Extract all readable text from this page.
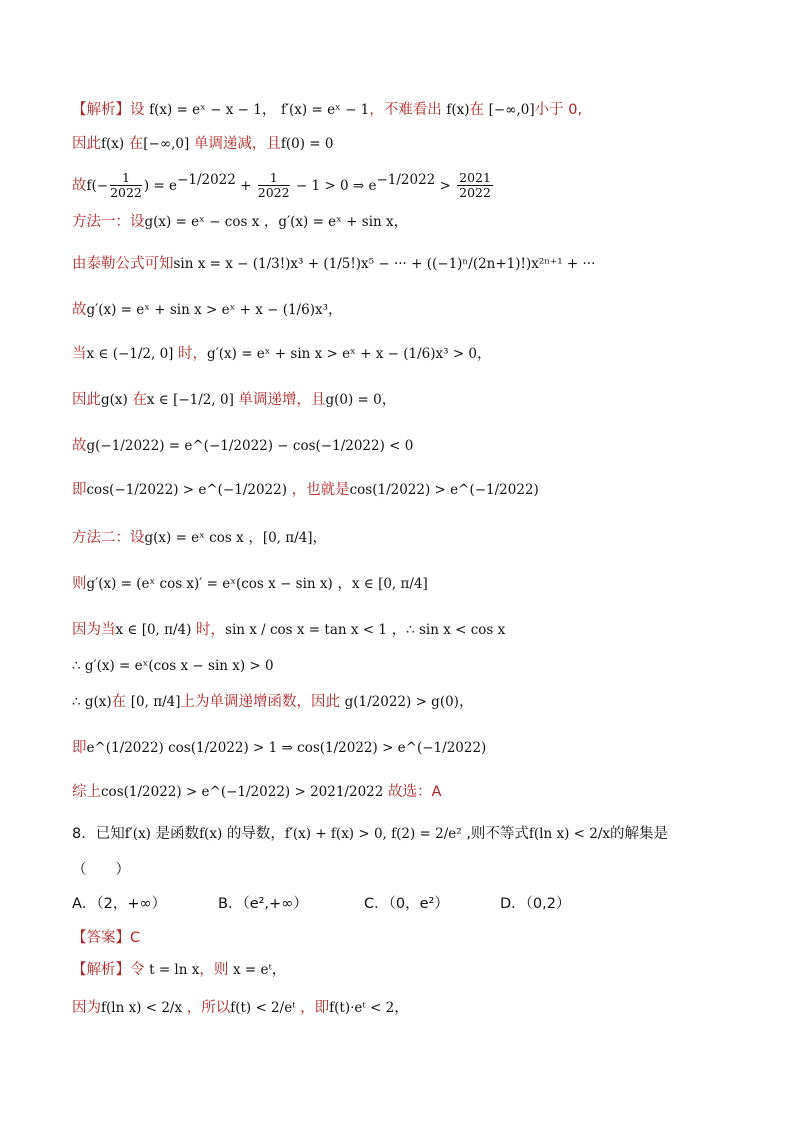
【解析】设 f(x) = eˣ − x − 1， f′(x) = eˣ − 1，不难看出 f(x)在 [−∞,0]小于 0,
因此f(x) 在[−∞,0] 单调递减，且f(0) = 0
故$f(- \frac{1}{2022}$ ) = $e^{-1/2022} + \frac{1}{2022} - 1 > 0$ ⇒ $e^{-1/2022} > \frac{2021}{2022}$
方法一：设g(x) = eˣ − cos x ，g′(x) = eˣ + sin x，
由泰勒公式可知sin x = x − (1/3!)x³ + (1/5!)x⁵ − ··· + ((−1)ⁿ/(2n+1)!)x²ⁿ⁺¹ + ···
故g′(x) = eˣ + sin x > eˣ + x − (1/6)x³，
当x ∈ (−1/2, 0] 时，g′(x) = eˣ + sin x > eˣ + x − (1/6)x³ > 0，
因此g(x) 在x ∈ [−1/2, 0] 单调递增，且g(0) = 0，
故g(−1/2022) = e^(−1/2022) − cos(−1/2022) < 0
即cos(−1/2022) > e^(−1/2022) ，也就是cos(1/2022) > e^(−1/2022)
方法二：设g(x) = eˣ cos x ，[0, π/4]，
则g′(x) = (eˣ cos x)′ = eˣ(cos x − sin x) ，x ∈ [0, π/4]
因为当x ∈ [0, π/4) 时，sin x / cos x = tan x < 1 ，∴ sin x < cos x
∴ g′(x) = eˣ(cos x − sin x) > 0
∴ g(x)在 [0, π/4]上为单调递增函数，因此 g(1/2022) > g(0)，
即e^(1/2022) cos(1/2022) > 1 ⇒ cos(1/2022) > e^(−1/2022)
综上cos(1/2022) > e^(−1/2022) > 2021/2022 故选：A
8．已知f′(x) 是函数f(x) 的导数，f′(x) + f(x) > 0, f(2) = 2/e² ,则不等式f(ln x) < 2/x的解集是
（　　）
A．（2，+∞）	B．（e²,+∞）	C．（0，e²）	D．（0,2）
【答案】C
【解析】令 t = ln x，则 x = eᵗ，
因为f(ln x) < 2/x ，所以f(t) < 2/eᵗ ，即f(t)·eᵗ < 2，
